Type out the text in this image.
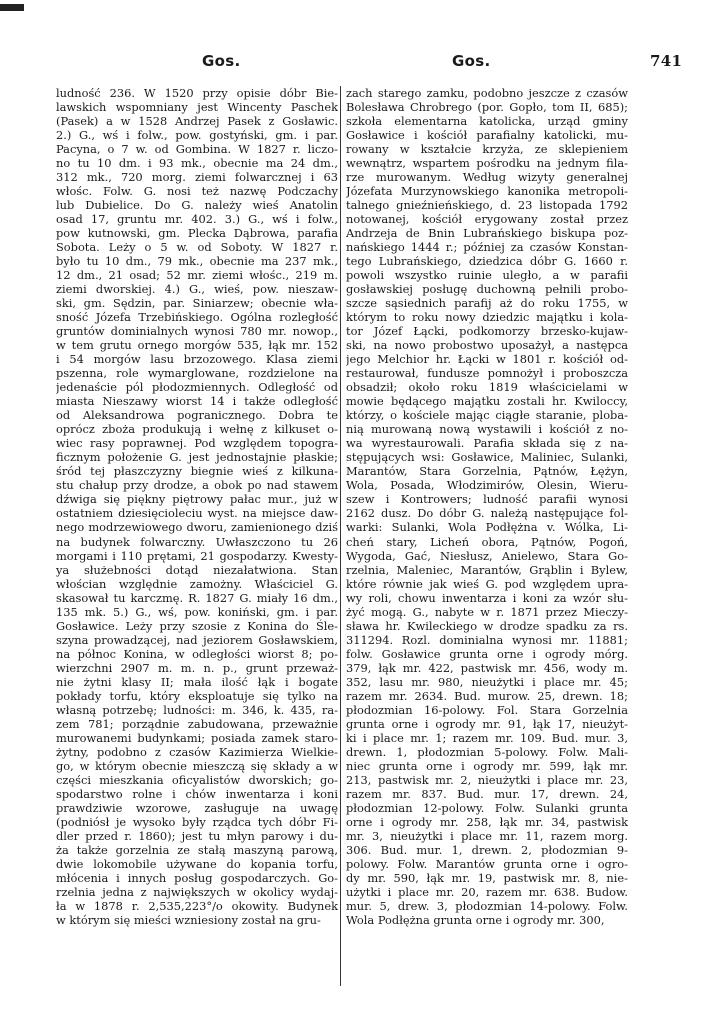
Gos.	Gos.	741
ludność 236. W 1520 przy opisie dóbr Bie-
lawskich wspomniany jest Wincenty Paschek
(Pasek) a w 1528 Andrzej Pasek z Gosławic.
2.) G., wś i folw., pow. gostyński, gm. i par.
Pacyna, o 7 w. od Gombina. W 1827 r. liczo-
no tu 10 dm. i 93 mk., obecnie ma 24 dm.,
312 mk., 720 morg. ziemi folwarcznej i 63
włośc. Folw. G. nosi też nazwę Podczachy
lub Dubielice. Do G. należy wieś Anatolin
osad 17, gruntu mr. 402. 3.) G., wś i folw.,
pow kutnowski, gm. Plecka Dąbrowa, parafia
Sobota. Leży o 5 w. od Soboty. W 1827 r.
było tu 10 dm., 79 mk., obecnie ma 237 mk.,
12 dm., 21 osad; 52 mr. ziemi włośc., 219 m.
ziemi dworskiej. 4.) G., wieś, pow. nieszaw-
ski, gm. Sędzin, par. Siniarzew; obecnie wła-
sność Józefa Trzebińskiego. Ogólna rozległość
gruntów dominialnych wynosi 780 mr. nowop.,
w tem grutu ornego morgów 535, łąk mr. 152
i 54 morgów lasu brzozowego. Klasa ziemi
pszenna, role wymarglowane, rozdzielone na
jedenaście pól płodozmiennych. Odległość od
miasta Nieszawy wiorst 14 i także odległość
od Aleksandrowa pogranicznego. Dobra te
oprócz zboża produkują i wełnę z kilkuset o-
wiec rasy poprawnej. Pod względem topogra-
ficznym położenie G. jest jednostajnie płaskie;
śród tej płaszczyzny biegnie wieś z kilkuna-
stu chałup przy drodze, a obok po nad stawem
dźwiga się piękny piętrowy pałac mur., już w
ostatniem dziesięcioleciu wyst. na miejsce daw-
nego modrzewiowego dworu, zamienionego dziś
na budynek folwarczny. Uwłaszczono tu 26
morgami i 110 prętami, 21 gospodarzy. Kwesty-
ya służebności dotąd niezałatwiona. Stan
włościan względnie zamożny. Właściciel G.
skasował tu karczmę. R. 1827 G. miały 16 dm.,
135 mk. 5.) G., wś, pow. koniński, gm. i par.
Gosławice. Leży przy szosie z Konina do Śle-
szyna prowadzącej, nad jeziorem Gosławskiem,
na północ Konina, w odległości wiorst 8; po-
wierzchni 2907 m. m. n. p., grunt przeważ-
nie żytni klasy II; mała ilość łąk i bogate
pokłady torfu, który eksploatuje się tylko na
własną potrzebę; ludności: m. 346, k. 435, ra-
zem 781; porządnie zabudowana, przeważnie
murowanemi budynkami; posiada zamek staro-
żytny, podobno z czasów Kazimierza Wielkie-
go, w którym obecnie mieszczą się składy a w
części mieszkania oficyalistów dworskich; go-
spodarstwo rolne i chów inwentarza i koni
prawdziwie wzorowe, zasługuje na uwagę
(podniósł je wysoko były rządca tych dóbr Fi-
dler przed r. 1860); jest tu młyn parowy i du-
ża także gorzelnia ze stałą maszyną parową,
dwie lokomobile używane do kopania torfu,
młócenia i innych posług gospodarczych. Go-
rzelnia jedna z największych w okolicy wydaj-
ła w 1878 r. 2,535,223°/o okowity. Budynek
w którym się mieści wzniesiony został na gru-
zach starego zamku, podobno jeszcze z czasów
Bolesława Chrobrego (por. Gopło, tom II, 685);
szkoła elementarna katolicka, urząd gminy
Gosławice i kościół parafialny katolicki, mu-
rowany w kształcie krzyża, ze sklepieniem
wewnątrz, wspartem pośrodku na jednym fila-
rze murowanym. Według wizyty generalnej
Józefata Murzynowskiego kanonika metropoli-
talnego gnieźnieńskiego, d. 23 listopada 1792
notowanej, kościół erygowany został przez
Andrzeja de Bnin Lubrańskiego biskupa poz-
nańskiego 1444 r.; później za czasów Konstan-
tego Lubrańskiego, dziedzica dóbr G. 1660 r.
powoli wszystko ruinie uległo, a w parafii
gosławskiej posługę duchowną pełnili probo-
szcze sąsiednich parafij aż do roku 1755, w
którym to roku nowy dziedzic majątku i kola-
tor Józef Łącki, podkomorzy brzesko-kujaw-
ski, na nowo probostwo uposażył, a następca
jego Melchior hr. Łącki w 1801 r. kościół od-
restaurował, fundusze pomnożył i proboszcza
obsadził; około roku 1819 właścicielami w
mowie będącego majątku zostali hr. Kwiloccy,
którzy, o kościele mając ciągłe staranie, ploba-
nią murowaną nową wystawili i kościół z no-
wa wyrestaurowali. Parafia składa się z na-
stępujących wsi: Gosławice, Maliniec, Sulanki,
Marantów, Stara Gorzelnia, Pątnów, Łężyn,
Wola, Posada, Włodzimirów, Olesin, Wieru-
szew i Kontrowers; ludność parafii wynosi
2162 dusz. Do dóbr G. należą następujące fol-
warki: Sulanki, Wola Podłężna v. Wólka, Li-
cheń stary, Licheń obora, Pątnów, Pogoń,
Wygoda, Gać, Niesłusz, Anielewo, Stara Go-
rzelnia, Maleniec, Marantów, Grąblin i Bylew,
które równie jak wieś G. pod względem upra-
wy roli, chowu inwentarza i koni za wzór słu-
żyć mogą. G., nabyte w r. 1871 przez Mieczy-
sława hr. Kwileckiego w drodze spadku za rs.
311294. Rozl. dominialna wynosi mr. 11881;
folw. Gosławice grunta orne i ogrody mórg.
379, łąk mr. 422, pastwisk mr. 456, wody m.
352, lasu mr. 980, nieużytki i place mr. 45;
razem mr. 2634. Bud. murow. 25, drewn. 18;
płodozmian 16-polowy. Fol. Stara Gorzelnia
grunta orne i ogrody mr. 91, łąk 17, nieużyt-
ki i place mr. 1; razem mr. 109. Bud. mur. 3,
drewn. 1, płodozmian 5-polowy. Folw. Mali-
niec grunta orne i ogrody mr. 599, łąk mr.
213, pastwisk mr. 2, nieużytki i place mr. 23,
razem mr. 837. Bud. mur. 17, drewn. 24,
płodozmian 12-polowy. Folw. Sulanki grunta
orne i ogrody mr. 258, łąk mr. 34, pastwisk
mr. 3, nieużytki i place mr. 11, razem morg.
306. Bud. mur. 1, drewn. 2, płodozmian 9-
polowy. Folw. Marantów grunta orne i ogro-
dy mr. 590, łąk mr. 19, pastwisk mr. 8, nie-
użytki i place mr. 20, razem mr. 638. Budow.
mur. 5, drew. 3, płodozmian 14-polowy. Folw.
Wola Podłężna grunta orne i ogrody mr. 300,
